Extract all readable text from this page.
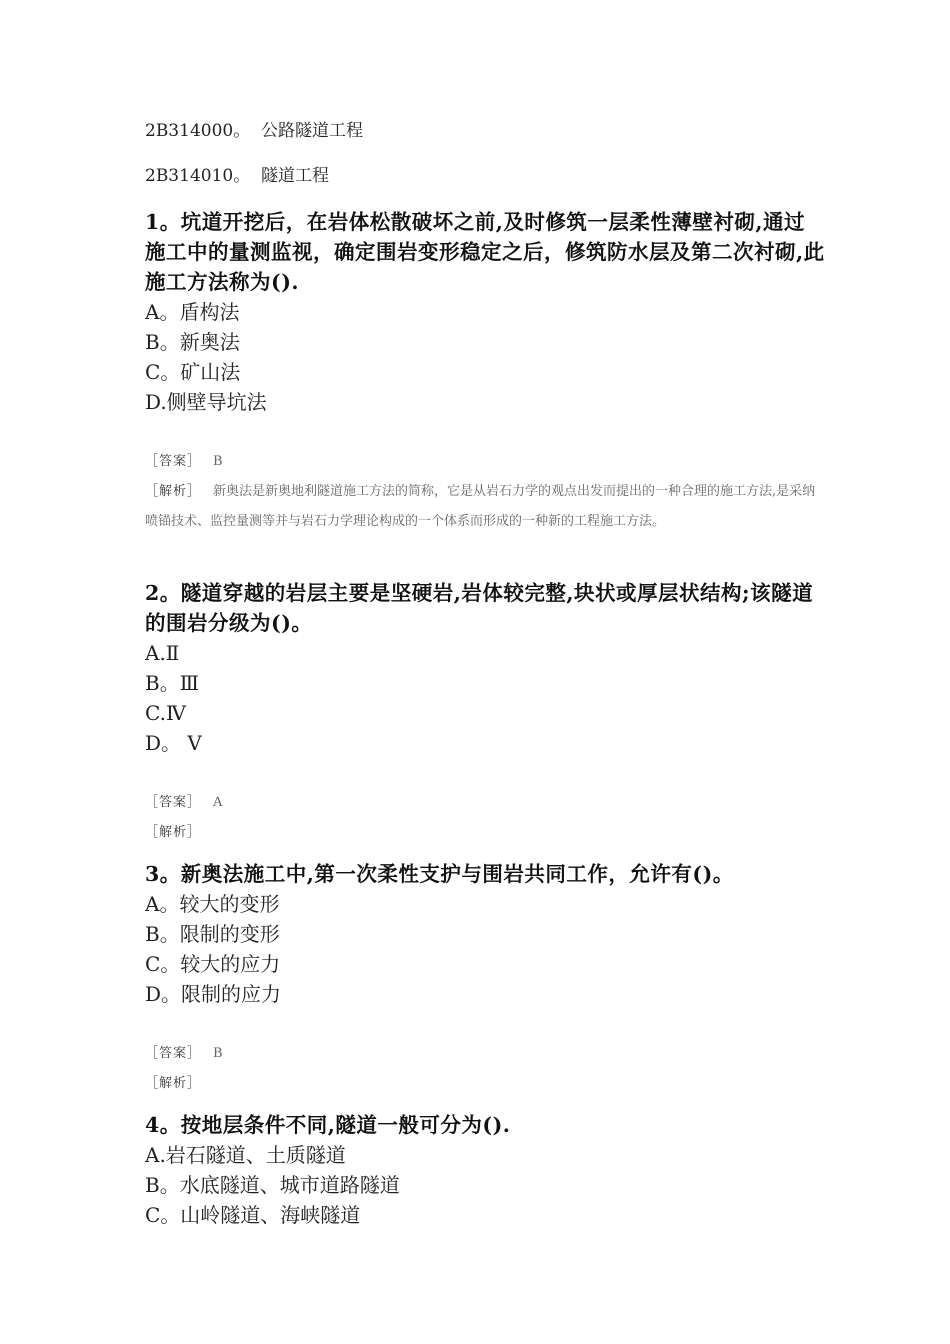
2B314000。  公路隧道工程
2B314010。  隧道工程

1。坑道开挖后，在岩体松散破坏之前,及时修筑一层柔性薄壁衬砌,通过施工中的量测监视，确定围岩变形稳定之后，修筑防水层及第二次衬砌,此施工方法称为().

A。盾构法

B。新奥法

C。矿山法

D.侧壁导坑法

［答案］ B

［解析］ 新奥法是新奥地利隧道施工方法的简称，它是从岩石力学的观点出发而提出的一种合理的施工方法,是采纳喷锚技术、监控量测等并与岩石力学理论构成的一个体系而形成的一种新的工程施工方法。

2。隧道穿越的岩层主要是坚硬岩,岩体较完整,块状或厚层状结构;该隧道的围岩分级为()。

A.Ⅱ

B。Ⅲ

C.Ⅳ

D。 Ⅴ

［答案］ A

［解析］

3。新奥法施工中,第一次柔性支护与围岩共同工作，允许有()。

A。较大的变形

B。限制的变形

C。较大的应力

D。限制的应力

［答案］ B

［解析］

4。按地层条件不同,隧道一般可分为().

A.岩石隧道、土质隧道

B。水底隧道、城市道路隧道

C。山岭隧道、海峡隧道
